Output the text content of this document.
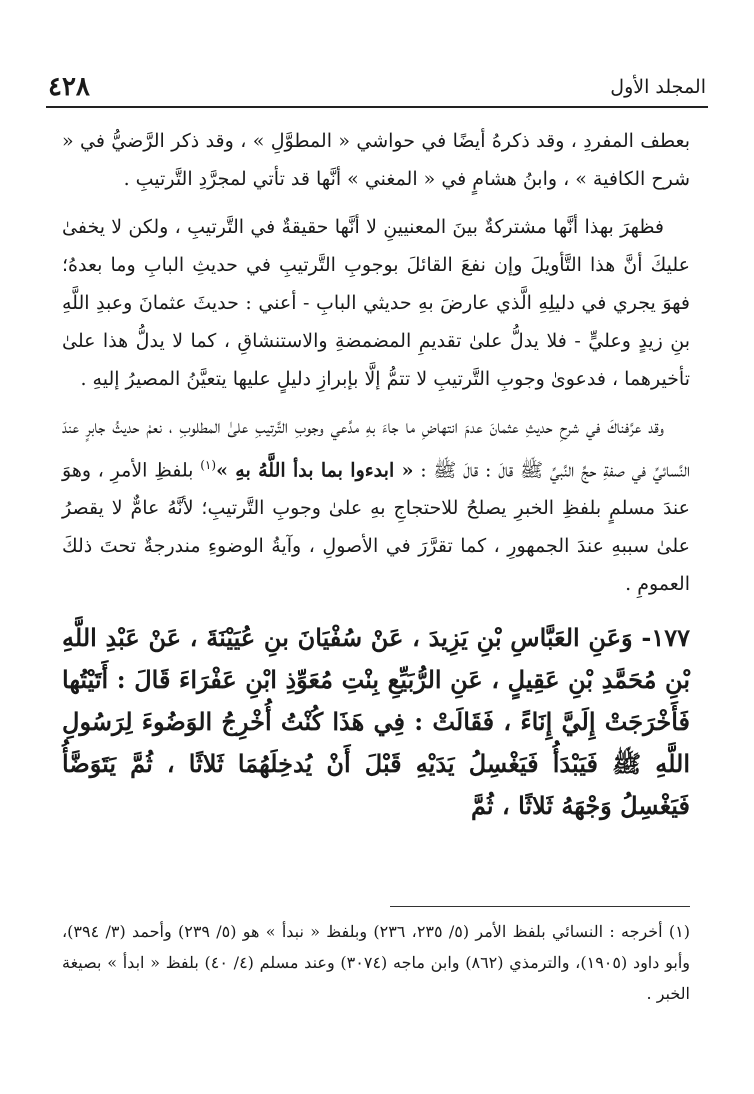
٤٢٨	المجلد الأول

بعطف المفردِ ، وقد ذكرهُ أيضًا في حواشي « المطوَّلِ » ، وقد ذكر الرَّضيُّ في « شرح الكافية » ، وابنُ هشامٍ في « المغني » أنَّها قد تأتي لمجرَّدِ التَّرتيبِ .

فظهرَ بهذا أنَّها مشتركةٌ بينَ المعنيينِ لا أنَّها حقيقةٌ في التَّرتيبِ ، ولكن لا يخفىٰ عليكَ أنَّ هذا التَّأويلَ وإن نفعَ القائلَ بوجوبِ التَّرتيبِ في حديثِ البابِ وما بعدهُ؛ فهوَ يجري في دليلِهِ الَّذي عارضَ بهِ حديثي البابِ - أعني : حديثَ عثمانَ وعبدِ اللَّهِ بنِ زيدٍ وعليٍّ - فلا يدلُّ علىٰ تقديمِ المضمضةِ والاستنشاقِ ، كما لا يدلُّ هذا علىٰ تأخيرهما ، فدعوىٰ وجوبِ التَّرتيبِ لا تتمُّ إلَّا بإبرازِ دليلٍ عليها يتعيَّنُ المصيرُ إليهِ .

وقد عرَّفناكَ في شرحِ حديثِ عثمانَ عدمَ انتهاضِ ما جاءَ بهِ مدَّعي وجوبِ التَّرتيبِ علىٰ المطلوبِ ، نعمْ حديثُ جابرٍ عندَ النَّسائيِّ في صفةِ حجِّ النَّبيِّ ﷺ قالَ : قالَ ﷺ : « ابدءوا بما بدأ اللَّهُ بهِ »$^{(١)}$ بلفظِ الأمرِ ، وهوَ عندَ مسلمٍ بلفظِ الخبرِ يصلحُ للاحتجاجِ بهِ علىٰ وجوبِ التَّرتيبِ؛ لأنَّهُ عامٌّ لا يقصرُ علىٰ سببهِ عندَ الجمهورِ ، كما تقرَّرَ في الأصولِ ، وآيةُ الوضوءِ مندرجةٌ تحتَ ذلكَ العمومِ .

١٧٧- وَعَنِ العَبَّاسِ بْنِ يَزِيدَ ، عَنْ سُفْيَانَ بنِ عُيَيْنَةَ ، عَنْ عَبْدِ اللَّهِ بْنِ مُحَمَّدِ بْنِ عَقِيلٍ ، عَنِ الرُّبَيِّعِ بِنْتِ مُعَوِّذِ ابْنِ عَفْرَاءَ قَالَ : أَتَيْتُها فَأَخْرَجَتْ إِلَيَّ إِنَاءً ، فَقَالَتْ : فِي هَذَا كُنْتُ أُخْرِجُ الوَضُوءَ لِرَسُولِ اللَّهِ ﷺ فَيَبْدَأُ فَيَغْسِلُ يَدَيْهِ قَبْلَ أَنْ يُدخِلَهُمَا ثَلاثًا ، ثُمَّ يَتَوَضَّأُ فَيَغْسِلُ وَجْهَهُ ثَلاثًا ، ثُمَّ

(١) أخرجه : النسائي بلفظ الأمر (٥/ ٢٣٥، ٢٣٦) وبلفظ « نبدأ » هو (٥/ ٢٣٩) وأحمد (٣/ ٣٩٤)، وأبو داود (١٩٠٥)، والترمذي (٨٦٢) وابن ماجه (٣٠٧٤) وعند مسلم (٤/ ٤٠) بلفظ « ابدأ » بصيغة الخبر .
